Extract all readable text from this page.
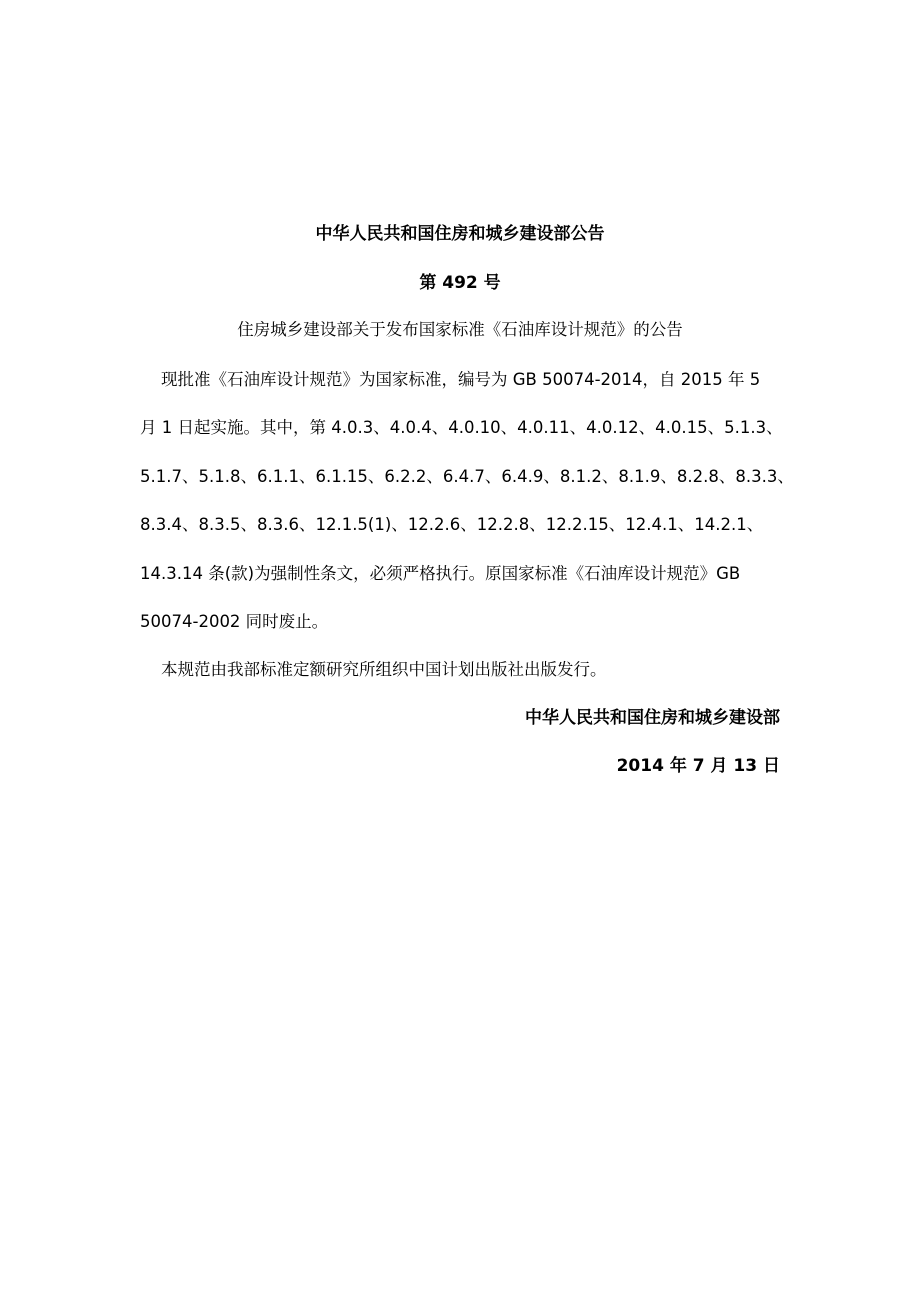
中华人民共和国住房和城乡建设部公告
第 492 号
住房城乡建设部关于发布国家标准《石油库设计规范》的公告
现批准《石油库设计规范》为国家标准，编号为 GB 50074-2014，自 2015 年 5
月 1 日起实施。其中，第 4.0.3、4.0.4、4.0.10、4.0.11、4.0.12、4.0.15、5.1.3、
5.1.7、5.1.8、6.1.1、6.1.15、6.2.2、6.4.7、6.4.9、8.1.2、8.1.9、8.2.8、8.3.3、
8.3.4、8.3.5、8.3.6、12.1.5(1)、12.2.6、12.2.8、12.2.15、12.4.1、14.2.1、
14.3.14 条(款)为强制性条文，必须严格执行。原国家标准《石油库设计规范》GB
50074-2002 同时废止。
本规范由我部标准定额研究所组织中国计划出版社出版发行。
中华人民共和国住房和城乡建设部
2014 年 7 月 13 日
